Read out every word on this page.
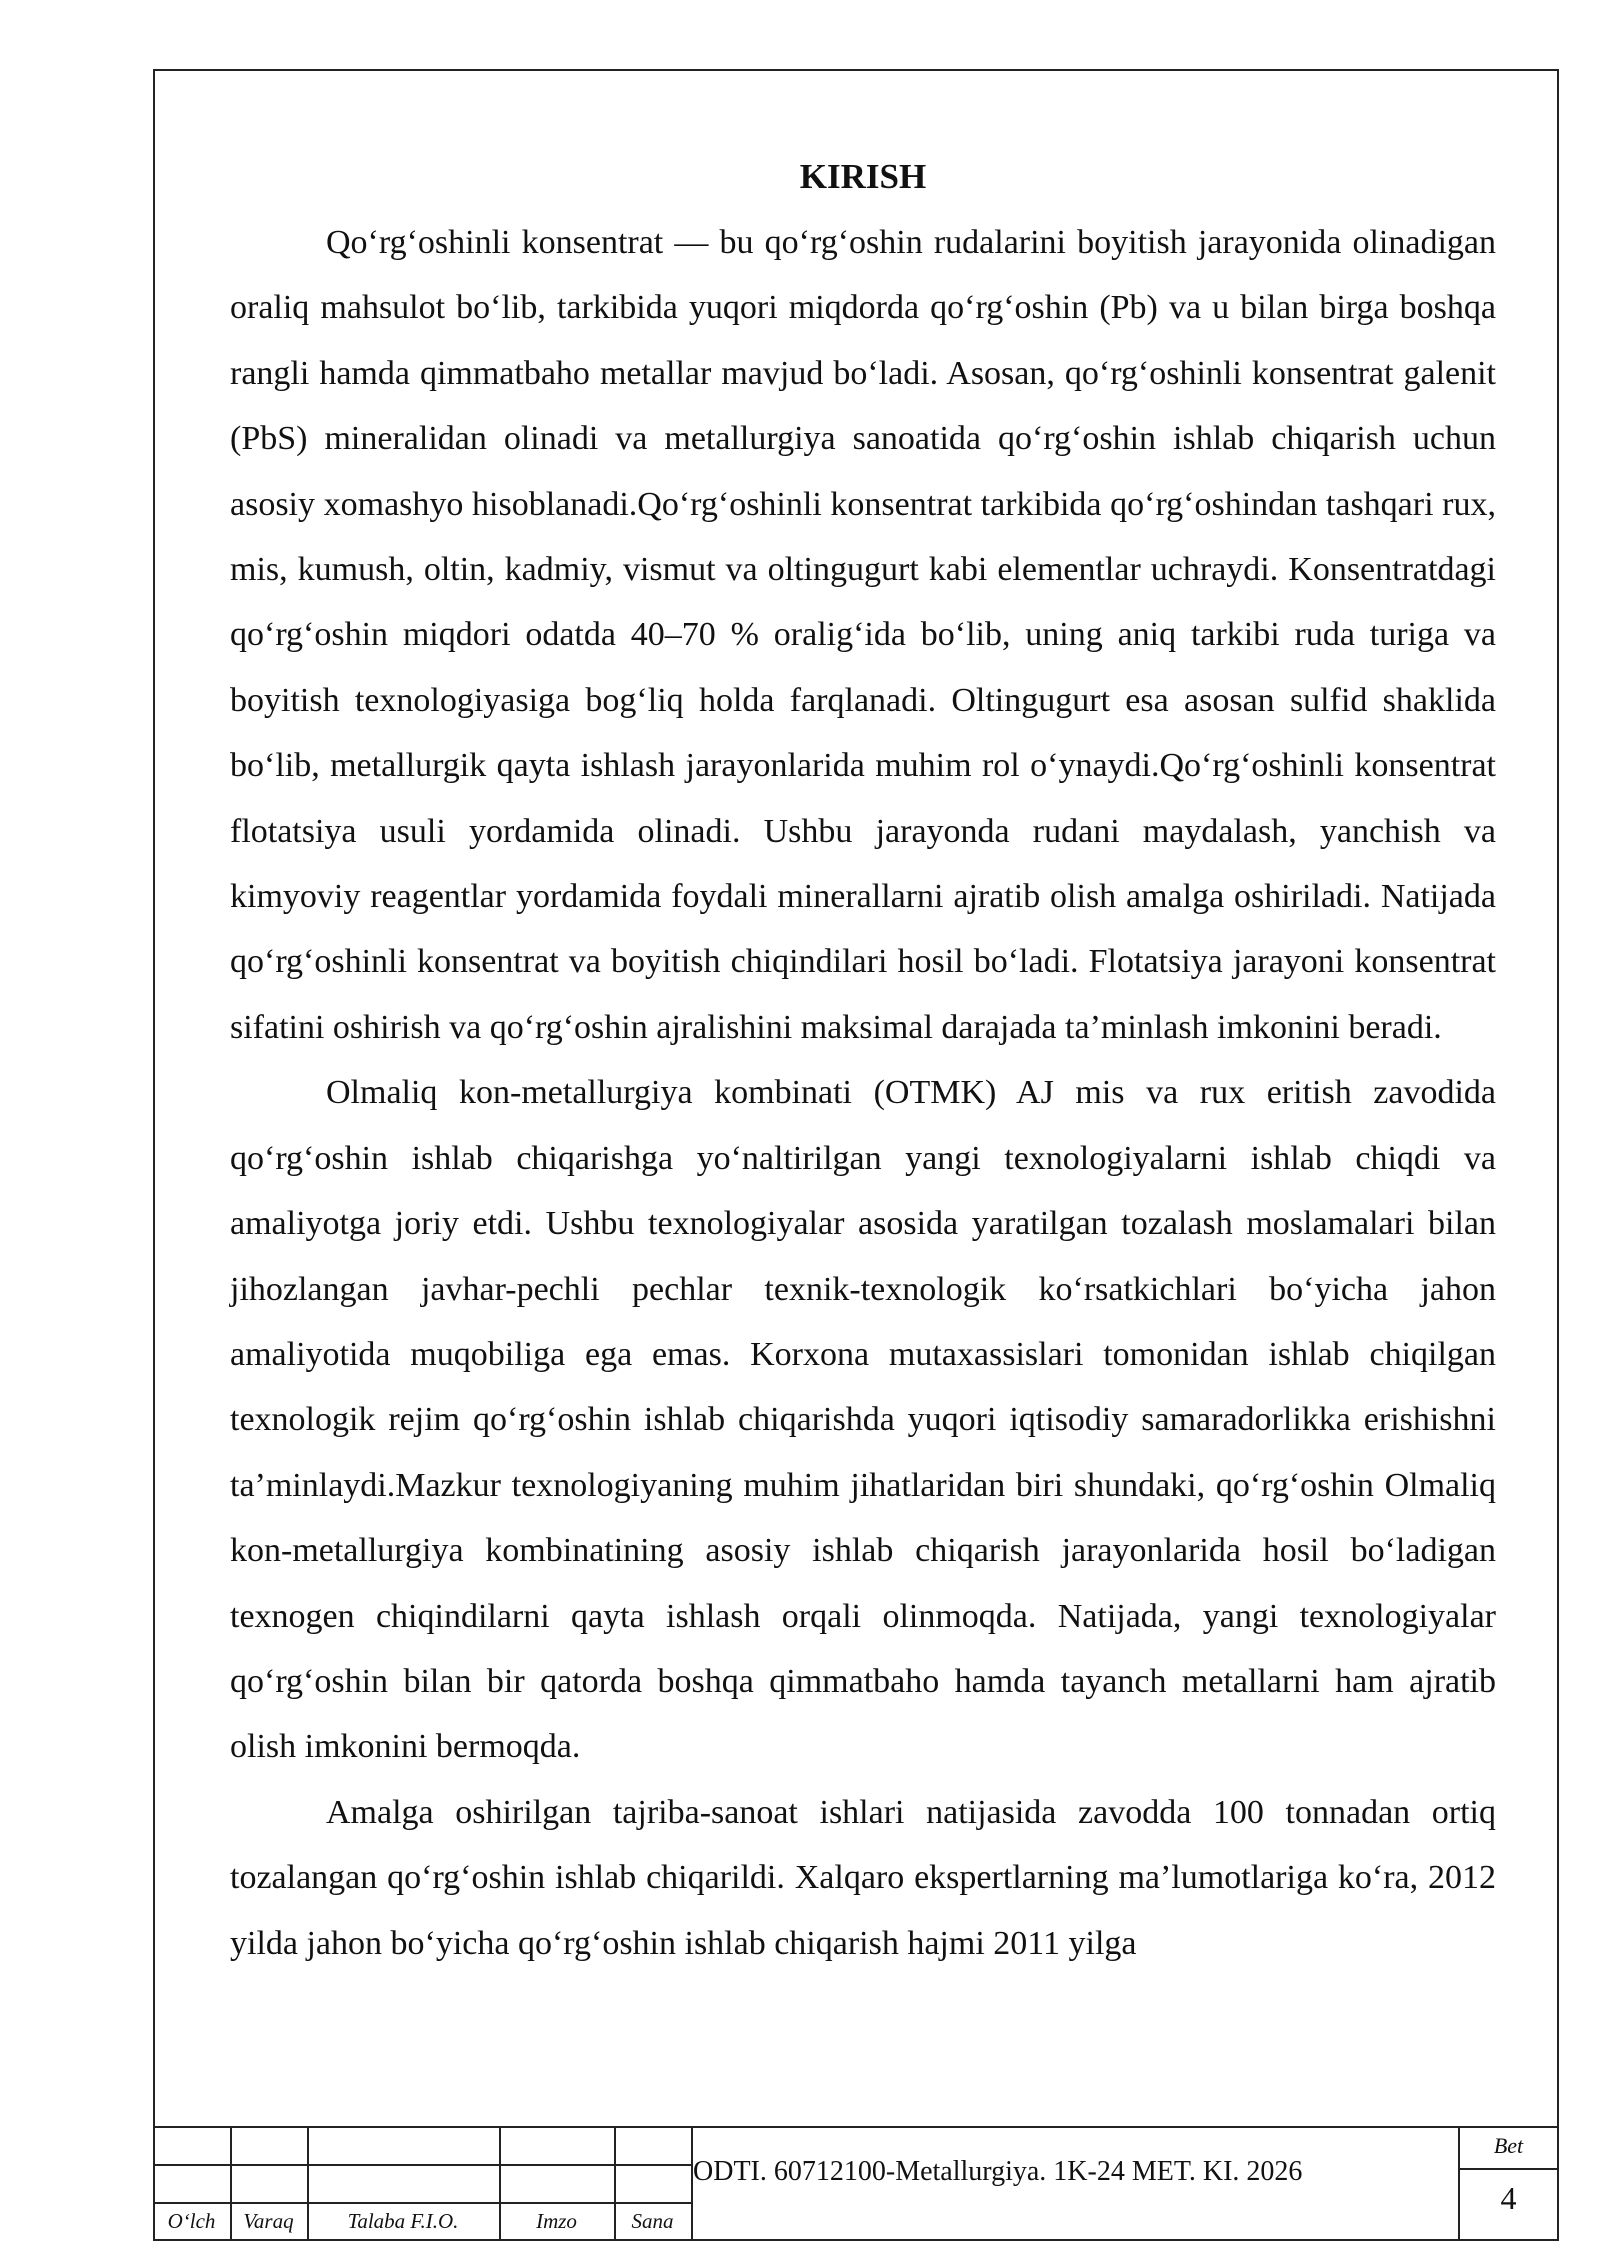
KIRISH

Qo‘rg‘oshinli konsentrat — bu qo‘rg‘oshin rudalarini boyitish jarayonida olinadigan oraliq mahsulot bo‘lib, tarkibida yuqori miqdorda qo‘rg‘oshin (Pb) va u bilan birga boshqa rangli hamda qimmatbaho metallar mavjud bo‘ladi. Asosan, qo‘rg‘oshinli konsentrat galenit (PbS) mineralidan olinadi va metallurgiya sanoatida qo‘rg‘oshin ishlab chiqarish uchun asosiy xomashyo hisoblanadi.Qo‘rg‘oshinli konsentrat tarkibida qo‘rg‘oshindan tashqari rux, mis, kumush, oltin, kadmiy, vismut va oltingugurt kabi elementlar uchraydi. Konsentratdagi qo‘rg‘oshin miqdori odatda 40–70 % oralig‘ida bo‘lib, uning aniq tarkibi ruda turiga va boyitish texnologiyasiga bog‘liq holda farqlanadi. Oltingugurt esa asosan sulfid shaklida bo‘lib, metallurgik qayta ishlash jarayonlarida muhim rol o‘ynaydi.Qo‘rg‘oshinli konsentrat flotatsiya usuli yordamida olinadi. Ushbu jarayonda rudani maydalash, yanchish va kimyoviy reagentlar yordamida foydali minerallarni ajratib olish amalga oshiriladi. Natijada qo‘rg‘oshinli konsentrat va boyitish chiqindilari hosil bo‘ladi. Flotatsiya jarayoni konsentrat sifatini oshirish va qo‘rg‘oshin ajralishini maksimal darajada ta’minlash imkonini beradi.

Olmaliq kon-metallurgiya kombinati (OTMK) AJ mis va rux eritish zavodida qo‘rg‘oshin ishlab chiqarishga yo‘naltirilgan yangi texnologiyalarni ishlab chiqdi va amaliyotga joriy etdi. Ushbu texnologiyalar asosida yaratilgan tozalash moslamalari bilan jihozlangan javhar-pechli pechlar texnik-texnologik ko‘rsatkichlari bo‘yicha jahon amaliyotida muqobiliga ega emas. Korxona mutaxassislari tomonidan ishlab chiqilgan texnologik rejim qo‘rg‘oshin ishlab chiqarishda yuqori iqtisodiy samaradorlikka erishishni ta’minlaydi.Mazkur texnologiyaning muhim jihatlaridan biri shundaki, qo‘rg‘oshin Olmaliq kon-metallurgiya kombinatining asosiy ishlab chiqarish jarayonlarida hosil bo‘ladigan texnogen chiqindilarni qayta ishlash orqali olinmoqda. Natijada, yangi texnologiyalar qo‘rg‘oshin bilan bir qatorda boshqa qimmatbaho hamda tayanch metallarni ham ajratib olish imkonini bermoqda.

Amalga oshirilgan tajriba-sanoat ishlari natijasida zavodda 100 tonnadan ortiq tozalangan qo‘rg‘oshin ishlab chiqarildi. Xalqaro ekspertlarning ma’lumotlariga ko‘ra, 2012 yilda jahon bo‘yicha qo‘rg‘oshin ishlab chiqarish hajmi 2011 yilga

O‘lch	Varaq	Talaba F.I.O.	Imzo	Sana
ODTI. 60712100-Metallurgiya. 1K-24 MET. KI. 2026
Bet
4
